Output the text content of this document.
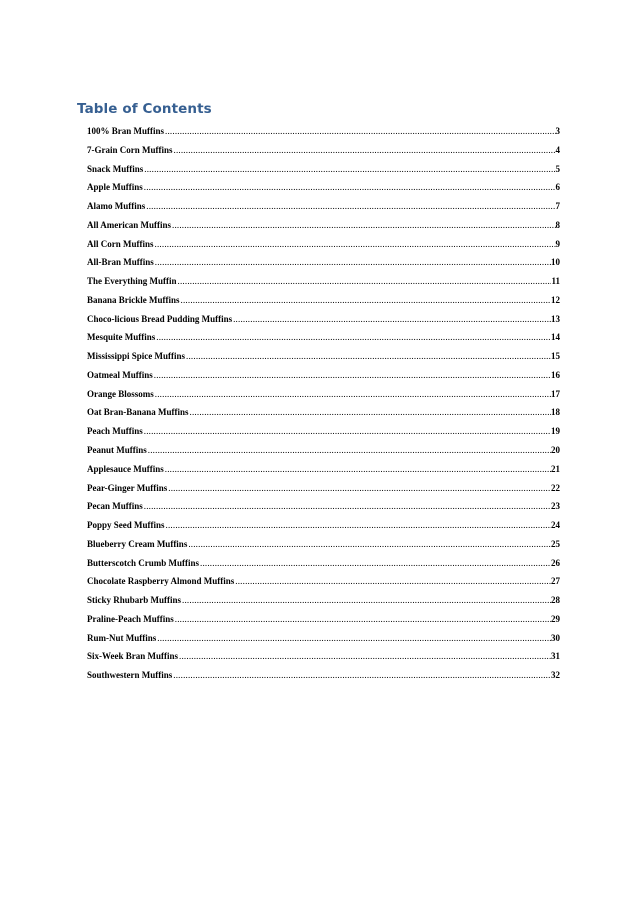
Table of Contents
100% Bran Muffins .....	3
7-Grain Corn Muffins .....	4
Snack Muffins .....	5
Apple Muffins .....	6
Alamo Muffins .....	7
All American Muffins .....	8
All Corn Muffins .....	9
All-Bran Muffins .....	10
The Everything Muffin .....	11
Banana Brickle Muffins .....	12
Choco-licious Bread Pudding Muffins .....	13
Mesquite Muffins .....	14
Mississippi Spice Muffins .....	15
Oatmeal Muffins .....	16
Orange Blossoms .....	17
Oat Bran-Banana Muffins .....	18
Peach Muffins .....	19
Peanut Muffins .....	20
Applesauce Muffins .....	21
Pear-Ginger Muffins .....	22
Pecan Muffins .....	23
Poppy Seed Muffins .....	24
Blueberry Cream Muffins .....	25
Butterscotch Crumb Muffins .....	26
Chocolate Raspberry Almond Muffins .....	27
Sticky Rhubarb Muffins .....	28
Praline-Peach Muffins .....	29
Rum-Nut Muffins .....	30
Six-Week Bran Muffins .....	31
Southwestern Muffins .....	32
